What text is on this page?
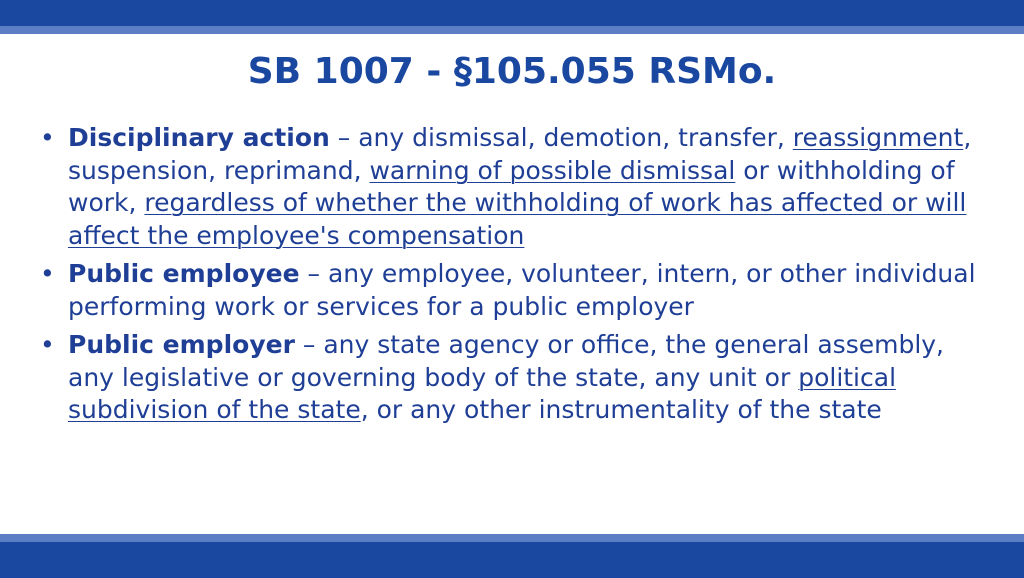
SB 1007 - §105.055 RSMo.
• Disciplinary action – any dismissal, demotion, transfer, reassignment, suspension, reprimand, warning of possible dismissal or withholding of work, regardless of whether the withholding of work has affected or will affect the employee's compensation
• Public employee – any employee, volunteer, intern, or other individual performing work or services for a public employer
• Public employer – any state agency or office, the general assembly, any legislative or governing body of the state, any unit or political subdivision of the state, or any other instrumentality of the state
